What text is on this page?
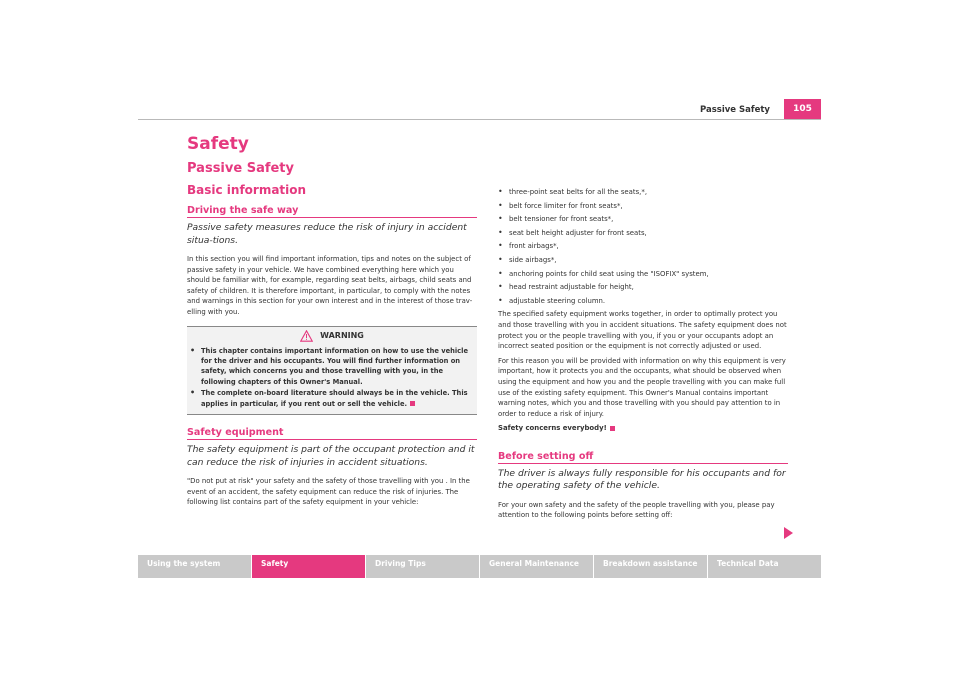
Passive Safety	105
Safety
Passive Safety
Basic information
Driving the safe way
Passive safety measures reduce the risk of injury in accident situa-tions.
In this section you will find important information, tips and notes on the subject of passive safety in your vehicle. We have combined everything here which you should be familiar with, for example, regarding seat belts, airbags, child seats and safety of children. It is therefore important, in particular, to comply with the notes and warnings in this section for your own interest and in the interest of those trav-elling with you.
WARNING
• This chapter contains important information on how to use the vehicle for the driver and his occupants. You will find further information on safety, which concerns you and those travelling with you, in the following chapters of this Owner's Manual.
• The complete on-board literature should always be in the vehicle. This applies in particular, if you rent out or sell the vehicle.
Safety equipment
The safety equipment is part of the occupant protection and it can reduce the risk of injuries in accident situations.
"Do not put at risk" your safety and the safety of those travelling with you . In the event of an accident, the safety equipment can reduce the risk of injuries. The following list contains part of the safety equipment in your vehicle:
• three-point seat belts for all the seats,*,
• belt force limiter for front seats*,
• belt tensioner for front seats*,
• seat belt height adjuster for front seats,
• front airbags*,
• side airbags*,
• anchoring points for child seat using the "ISOFIX" system,
• head restraint adjustable for height,
• adjustable steering column.
The specified safety equipment works together, in order to optimally protect you and those travelling with you in accident situations. The safety equipment does not protect you or the people travelling with you, if you or your occupants adopt an incorrect seated position or the equipment is not correctly adjusted or used.
For this reason you will be provided with information on why this equipment is very important, how it protects you and the occupants, what should be observed when using the equipment and how you and the people travelling with you can make full use of the existing safety equipment. This Owner's Manual contains important warning notes, which you and those travelling with you should pay attention to in order to reduce a risk of injury.
Safety concerns everybody!
Before setting off
The driver is always fully responsible for his occupants and for the operating safety of the vehicle.
For your own safety and the safety of the people travelling with you, please pay attention to the following points before setting off:
Using the system	Safety	Driving Tips	General Maintenance	Breakdown assistance	Technical Data
